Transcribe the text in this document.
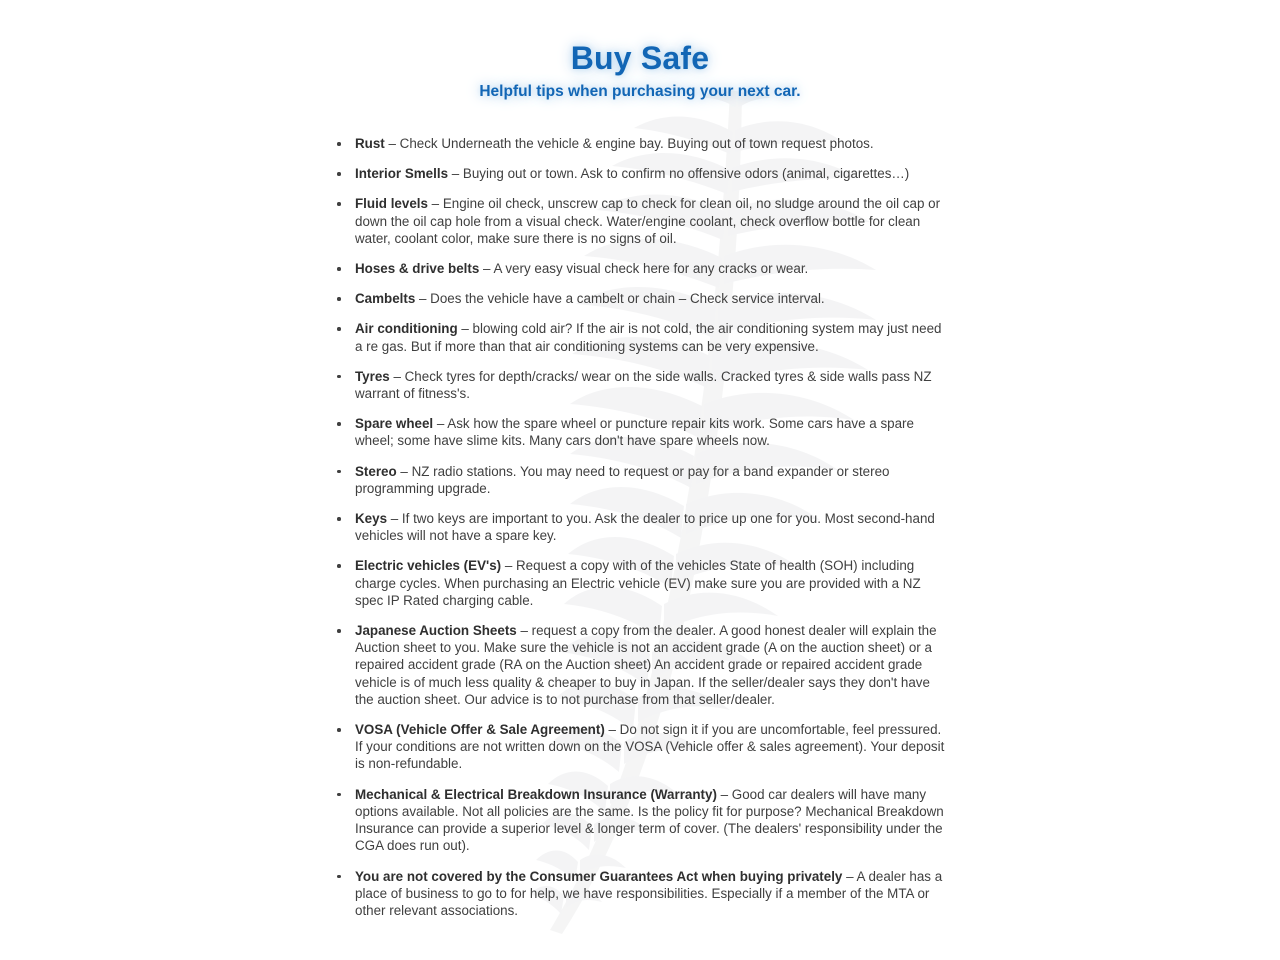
Buy Safe
Helpful tips when purchasing your next car.
Rust – Check Underneath the vehicle & engine bay. Buying out of town request photos.
Interior Smells – Buying out or town. Ask to confirm no offensive odors (animal, cigarettes…)
Fluid levels – Engine oil check, unscrew cap to check for clean oil, no sludge around the oil cap or down the oil cap hole from a visual check. Water/engine coolant, check overflow bottle for clean water, coolant color, make sure there is no signs of oil.
Hoses & drive belts – A very easy visual check here for any cracks or wear.
Cambelts – Does the vehicle have a cambelt or chain – Check service interval.
Air conditioning – blowing cold air? If the air is not cold, the air conditioning system may just need a re gas. But if more than that air conditioning systems can be very expensive.
Tyres – Check tyres for depth/cracks/ wear on the side walls. Cracked tyres & side walls pass NZ warrant of fitness's.
Spare wheel – Ask how the spare wheel or puncture repair kits work. Some cars have a spare wheel; some have slime kits. Many cars don't have spare wheels now.
Stereo – NZ radio stations. You may need to request or pay for a band expander or stereo programming upgrade.
Keys – If two keys are important to you. Ask the dealer to price up one for you. Most second-hand vehicles will not have a spare key.
Electric vehicles (EV's) – Request a copy with of the vehicles State of health (SOH) including charge cycles. When purchasing an Electric vehicle (EV) make sure you are provided with a NZ spec IP Rated charging cable.
Japanese Auction Sheets – request a copy from the dealer. A good honest dealer will explain the Auction sheet to you. Make sure the vehicle is not an accident grade (A on the auction sheet) or a repaired accident grade (RA on the Auction sheet) An accident grade or repaired accident grade vehicle is of much less quality & cheaper to buy in Japan. If the seller/dealer says they don't have the auction sheet. Our advice is to not purchase from that seller/dealer.
VOSA (Vehicle Offer & Sale Agreement) – Do not sign it if you are uncomfortable, feel pressured. If your conditions are not written down on the VOSA (Vehicle offer & sales agreement). Your deposit is non-refundable.
Mechanical & Electrical Breakdown Insurance (Warranty) – Good car dealers will have many options available. Not all policies are the same. Is the policy fit for purpose? Mechanical Breakdown Insurance can provide a superior level & longer term of cover. (The dealers' responsibility under the CGA does run out).
You are not covered by the Consumer Guarantees Act when buying privately – A dealer has a place of business to go to for help, we have responsibilities. Especially if a member of the MTA or other relevant associations.
